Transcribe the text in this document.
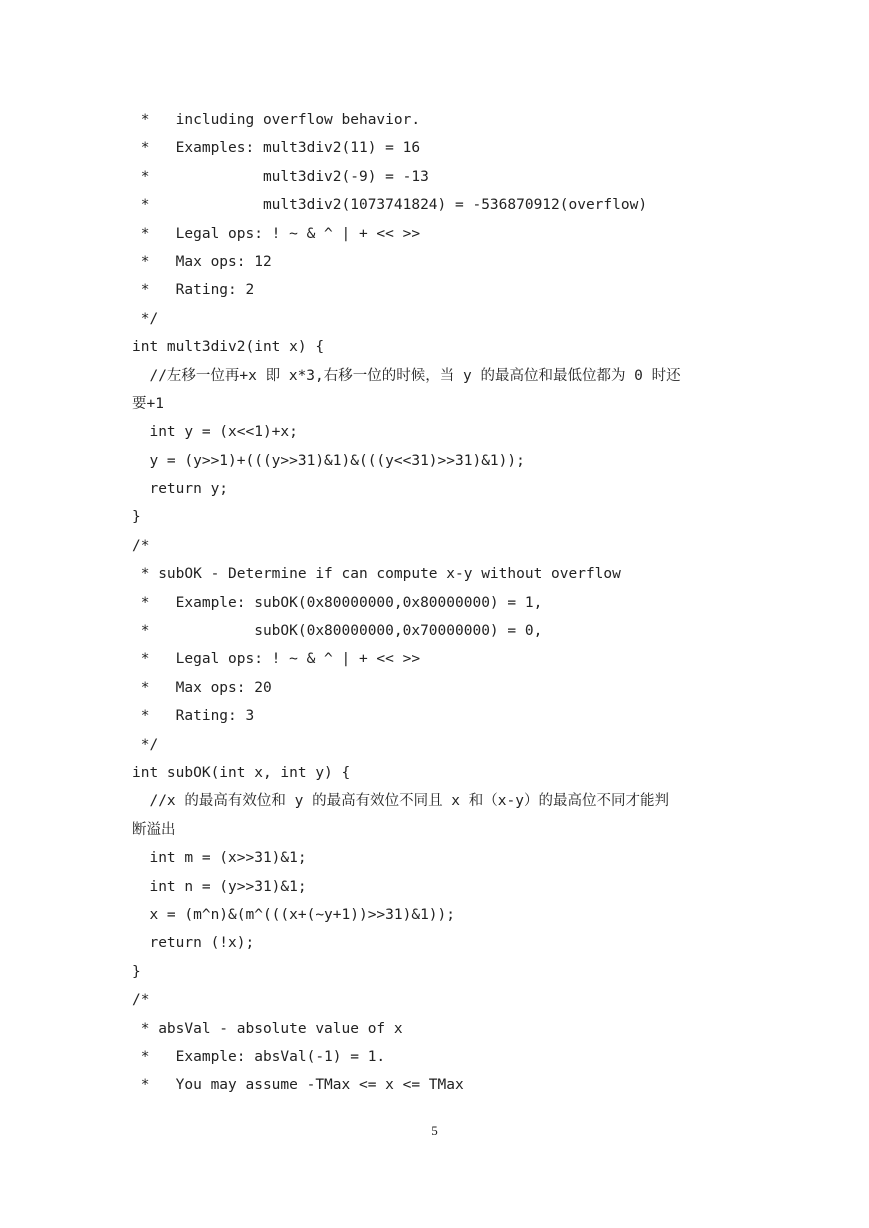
*   including overflow behavior.
*   Examples: mult3div2(11) = 16
*             mult3div2(-9) = -13
*             mult3div2(1073741824) = -536870912(overflow)
*   Legal ops: ! ~ & ^ | + << >>
*   Max ops: 12
*   Rating: 2
*/
int mult3div2(int x) {
//左移一位再+x 即 x*3,右移一位的时候，当 y 的最高位和最低位都为 0 时还
要+1
int y = (x<<1)+x;
y = (y>>1)+(((y>>31)&1)&(((y<<31)>>31)&1));
return y;
}
/*
* subOK - Determine if can compute x-y without overflow
*   Example: subOK(0x80000000,0x80000000) = 1,
*            subOK(0x80000000,0x70000000) = 0,
*   Legal ops: ! ~ & ^ | + << >>
*   Max ops: 20
*   Rating: 3
*/
int subOK(int x, int y) {
//x 的最高有效位和 y 的最高有效位不同且 x 和（x-y）的最高位不同才能判
断溢出
int m = (x>>31)&1;
int n = (y>>31)&1;
x = (m^n)&(m^(((x+(~y+1))>>31)&1));
return (!x);
}
/*
* absVal - absolute value of x
*   Example: absVal(-1) = 1.
*   You may assume -TMax <= x <= TMax
5
